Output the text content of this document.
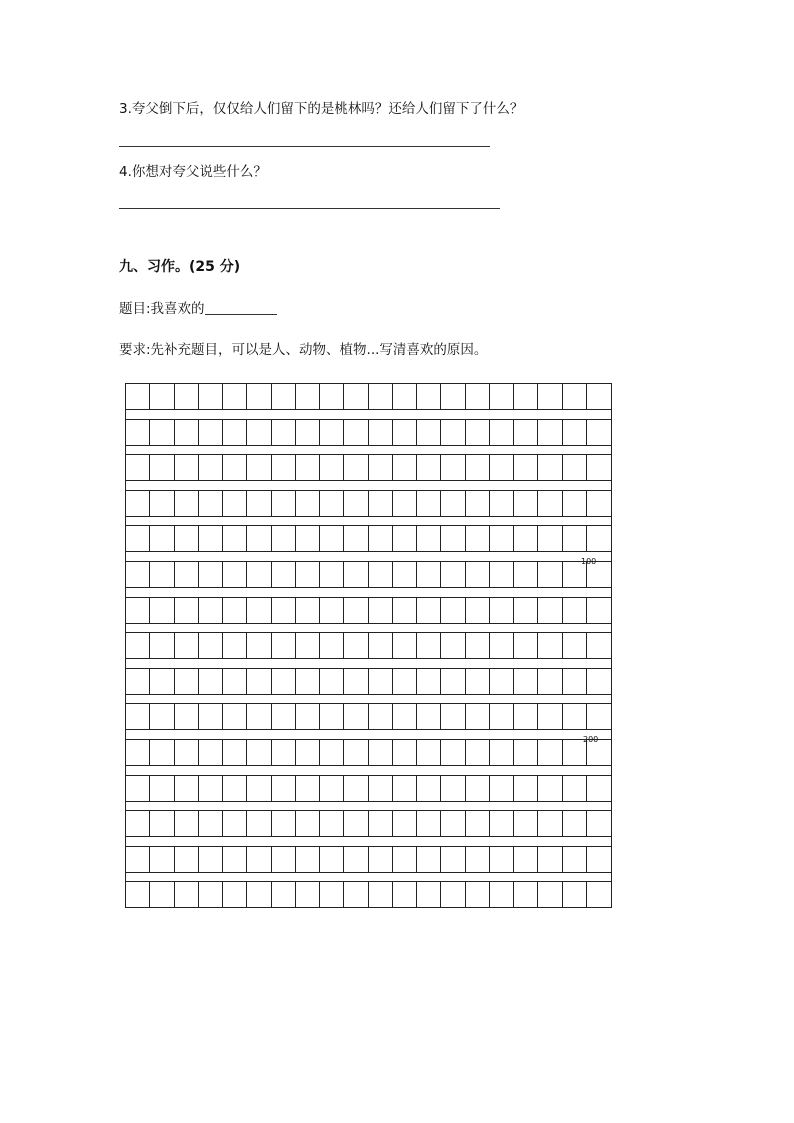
3.夸父倒下后，仅仅给人们留下的是桃林吗？还给人们留下了什么？
4.你想对夸父说些什么？
九、习作。(25 分)
题目:我喜欢的
要求:先补充题目，可以是人、动物、植物...写清喜欢的原因。
100
200
